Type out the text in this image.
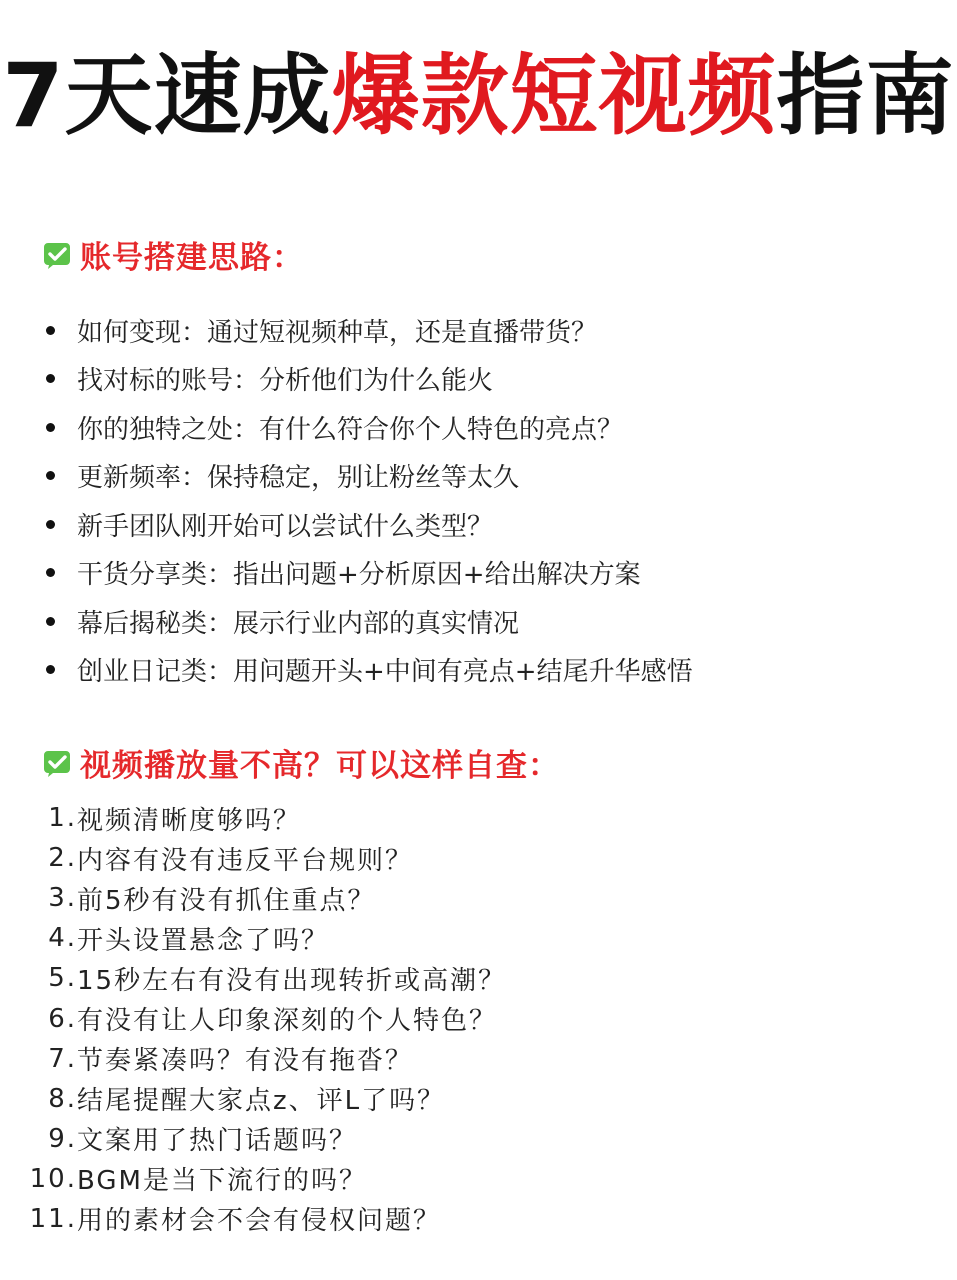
7天速成爆款短视频指南
账号搭建思路：
如何变现：通过短视频种草，还是直播带货？
找对标的账号：分析他们为什么能火
你的独特之处：有什么符合你个人特色的亮点？
更新频率：保持稳定，别让粉丝等太久
新手团队刚开始可以尝试什么类型？
干货分享类：指出问题+分析原因+给出解决方案
幕后揭秘类：展示行业内部的真实情况
创业日记类：用问题开头+中间有亮点+结尾升华感悟
视频播放量不高？可以这样自查：
1. 视频清晰度够吗？
2. 内容有没有违反平台规则？
3. 前5秒有没有抓住重点？
4. 开头设置悬念了吗？
5. 15秒左右有没有出现转折或高潮？
6. 有没有让人印象深刻的个人特色？
7. 节奏紧凑吗？有没有拖沓？
8. 结尾提醒大家点z、评L了吗？
9. 文案用了热门话题吗？
10. BGM是当下流行的吗？
11. 用的素材会不会有侵权问题？
